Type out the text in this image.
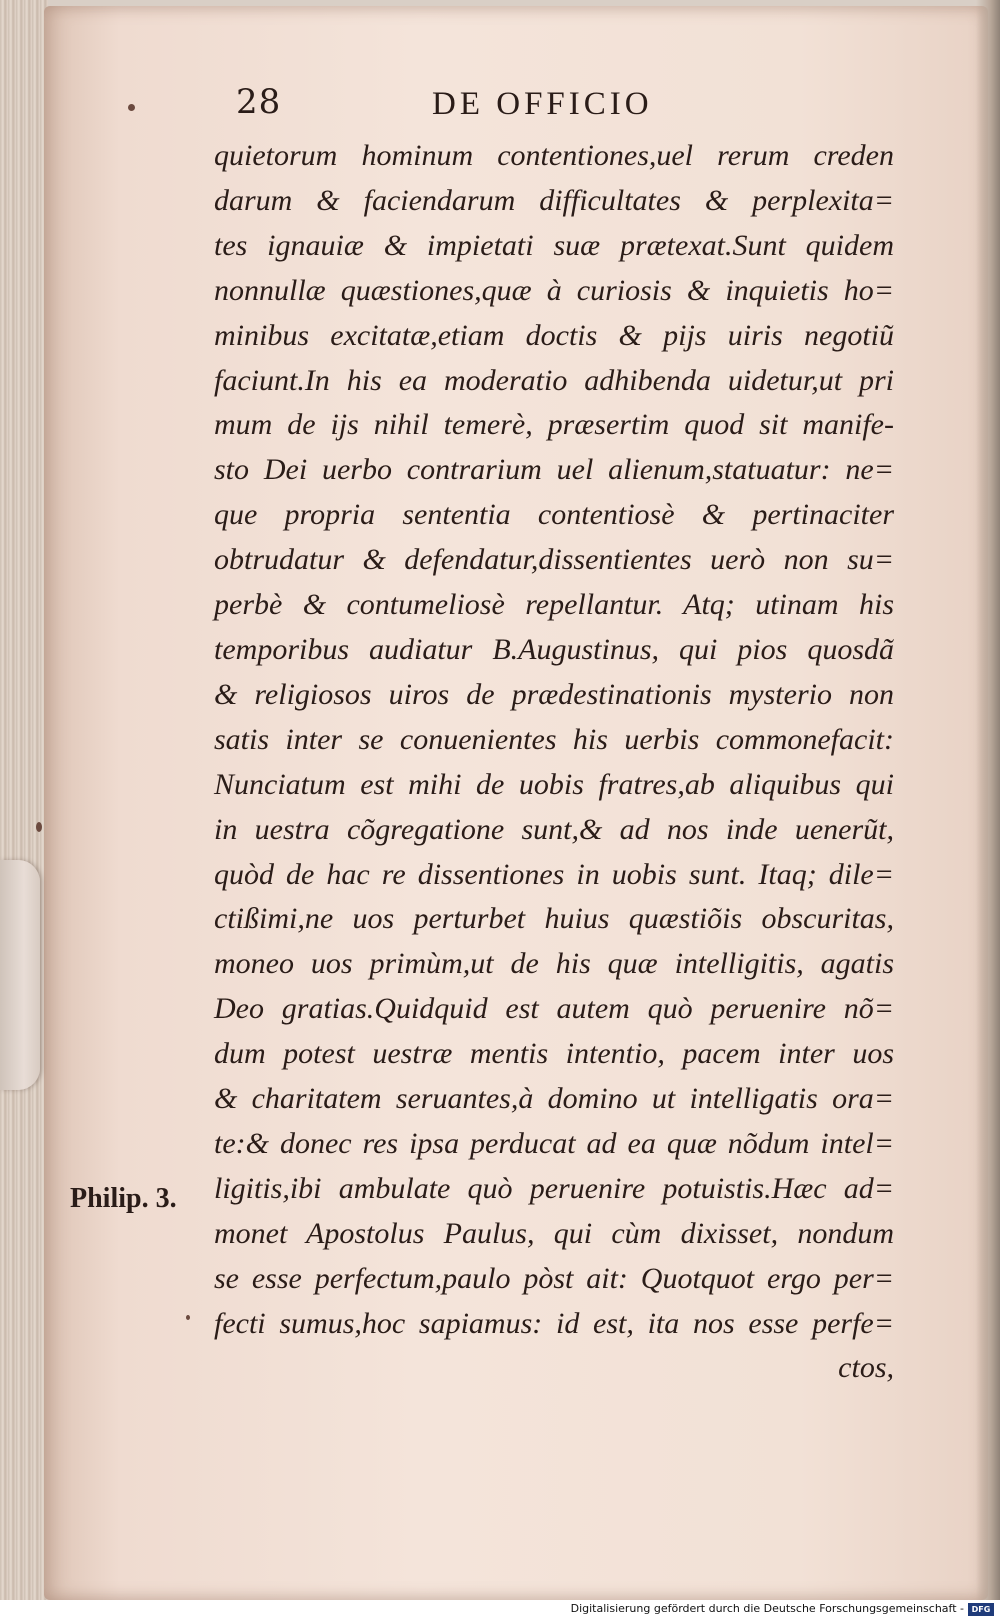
28	DE OFFICIO
Philip. 3.
quietorum hominum contentiones,uel rerum creden
darum & faciendarum difficultates & perplexita=
tes ignauiæ & impietati suæ prætexat.Sunt quidem
nonnullæ quæstiones,quæ à curiosis & inquietis ho=
minibus excitatæ,etiam doctis & pijs uiris negotiũ
faciunt.In his ea moderatio adhibenda uidetur,ut pri
mum de ijs nihil temerè, præsertim quod sit manife-
sto Dei uerbo contrarium uel alienum,statuatur: ne=
que propria sententia contentiosè & pertinaciter
obtrudatur & defendatur,dissentientes uerò non su=
perbè & contumeliosè repellantur. Atq; utinam his
temporibus audiatur B.Augustinus, qui pios quosdã
& religiosos uiros de prædestinationis mysterio non
satis inter se conuenientes his uerbis commonefacit:
Nunciatum est mihi de uobis fratres,ab aliquibus qui
in uestra cõgregatione sunt,& ad nos inde uenerũt,
quòd de hac re dissentiones in uobis sunt. Itaq; dile=
ctißimi,ne uos perturbet huius quæstiõis obscuritas,
moneo uos primùm,ut de his quæ intelligitis, agatis
Deo gratias.Quidquid est autem quò peruenire nõ=
dum potest uestræ mentis intentio, pacem inter uos
& charitatem seruantes,à domino ut intelligatis ora=
te:& donec res ipsa perducat ad ea quæ nõdum intel=
ligitis,ibi ambulate quò peruenire potuistis.Hæc ad=
monet Apostolus Paulus, qui cùm dixisset, nondum
se esse perfectum,paulo pòst ait: Quotquot ergo per=
fecti sumus,hoc sapiamus: id est, ita nos esse perfe=
ctos,
Digitalisierung gefördert durch die Deutsche Forschungsgemeinschaft - DFG
